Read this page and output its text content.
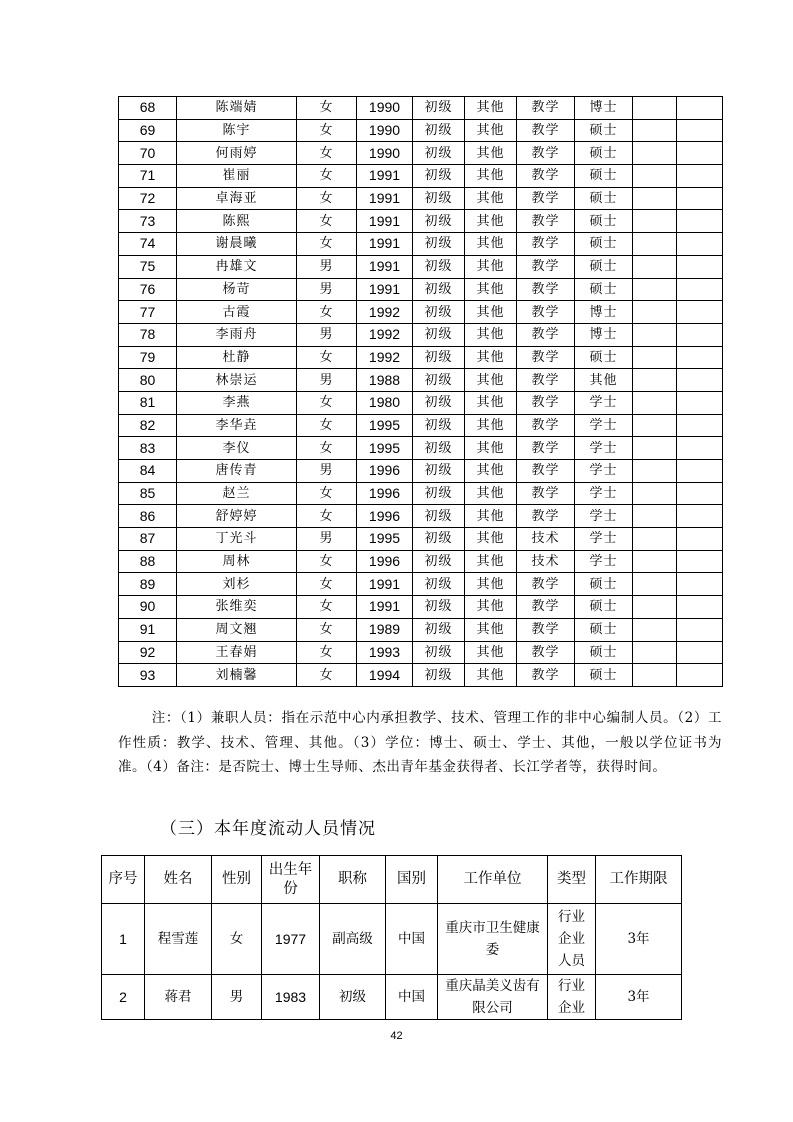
68	陈端婧	女	1990	初级	其他	教学	博士		
69	陈宇	女	1990	初级	其他	教学	硕士		
70	何雨婷	女	1990	初级	其他	教学	硕士		
71	崔丽	女	1991	初级	其他	教学	硕士		
72	卓海亚	女	1991	初级	其他	教学	硕士		
73	陈熙	女	1991	初级	其他	教学	硕士		
74	谢晨曦	女	1991	初级	其他	教学	硕士		
75	冉雄文	男	1991	初级	其他	教学	硕士		
76	杨苛	男	1991	初级	其他	教学	硕士		
77	古霞	女	1992	初级	其他	教学	博士		
78	李雨舟	男	1992	初级	其他	教学	博士		
79	杜静	女	1992	初级	其他	教学	硕士		
80	林崇运	男	1988	初级	其他	教学	其他		
81	李燕	女	1980	初级	其他	教学	学士		
82	李华垚	女	1995	初级	其他	教学	学士		
83	李仪	女	1995	初级	其他	教学	学士		
84	唐传青	男	1996	初级	其他	教学	学士		
85	赵兰	女	1996	初级	其他	教学	学士		
86	舒婷婷	女	1996	初级	其他	教学	学士		
87	丁光斗	男	1995	初级	其他	技术	学士		
88	周林	女	1996	初级	其他	技术	学士		
89	刘杉	女	1991	初级	其他	教学	硕士		
90	张维奕	女	1991	初级	其他	教学	硕士		
91	周文翘	女	1989	初级	其他	教学	硕士		
92	王春娟	女	1993	初级	其他	教学	硕士		
93	刘楠馨	女	1994	初级	其他	教学	硕士		

注：（1）兼职人员：指在示范中心内承担教学、技术、管理工作的非中心编制人员。（2）工作性质：教学、技术、管理、其他。（3）学位：博士、硕士、学士、其他，一般以学位证书为准。（4）备注：是否院士、博士生导师、杰出青年基金获得者、长江学者等，获得时间。

（三）本年度流动人员情况
序号	姓名	性别	出生年份	职称	国别	工作单位	类型	工作期限
1	程雪莲	女	1977	副高级	中国	重庆市卫生健康委	行业企业人员	3年
2	蒋君	男	1983	初级	中国	重庆晶美义齿有限公司	行业企业	3年
42
